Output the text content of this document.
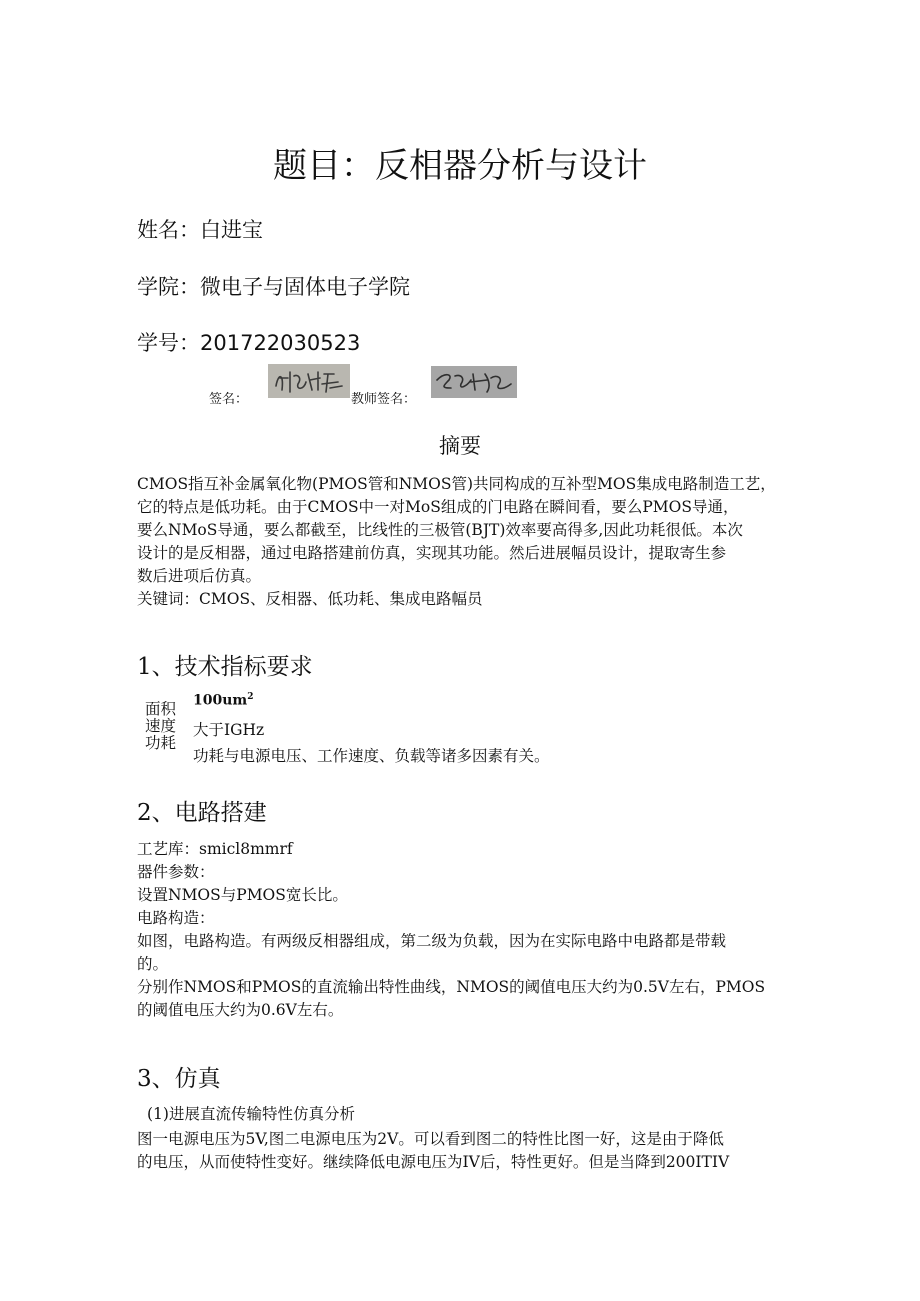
题目：反相器分析与设计
姓名：白进宝
学院：微电子与固体电子学院
学号：201722030523
签名：	教师签名：
摘要

CMOS指互补金属氧化物(PMOS管和NMOS管)共同构成的互补型MOS集成电路制造工艺，

它的特点是低功耗。由于CMOS中一对MoS组成的门电路在瞬间看，要么PMOS导通，

要么NMoS导通，要么都截至，比线性的三极管(BJT)效率要高得多,因此功耗很低。本次

设计的是反相器，通过电路搭建前仿真，实现其功能。然后进展幅员设计，提取寄生参

数后进项后仿真。

关键词：CMOS、反相器、低功耗、集成电路幅员

1、技术指标要求
面积
速度
功耗
$100um^2$
大于IGHz
功耗与电源电压、工作速度、负载等诸多因素有关。
2、电路搭建

工艺库：smicl8mmrf

器件参数：

设置NMOS与PMOS宽长比。

电路构造：

如图，电路构造。有两级反相器组成，第二级为负载，因为在实际电路中电路都是带载

的。

分别作NMOS和PMOS的直流输出特性曲线，NMOS的阈值电压大约为0.5V左右，PMOS

的阈值电压大约为0.6V左右。

3、仿真
(1)进展直流传输特性仿真分析

图一电源电压为5V,图二电源电压为2V。可以看到图二的特性比图一好，这是由于降低

的电压，从而使特性变好。继续降低电源电压为IV后，特性更好。但是当降到200ITIV
